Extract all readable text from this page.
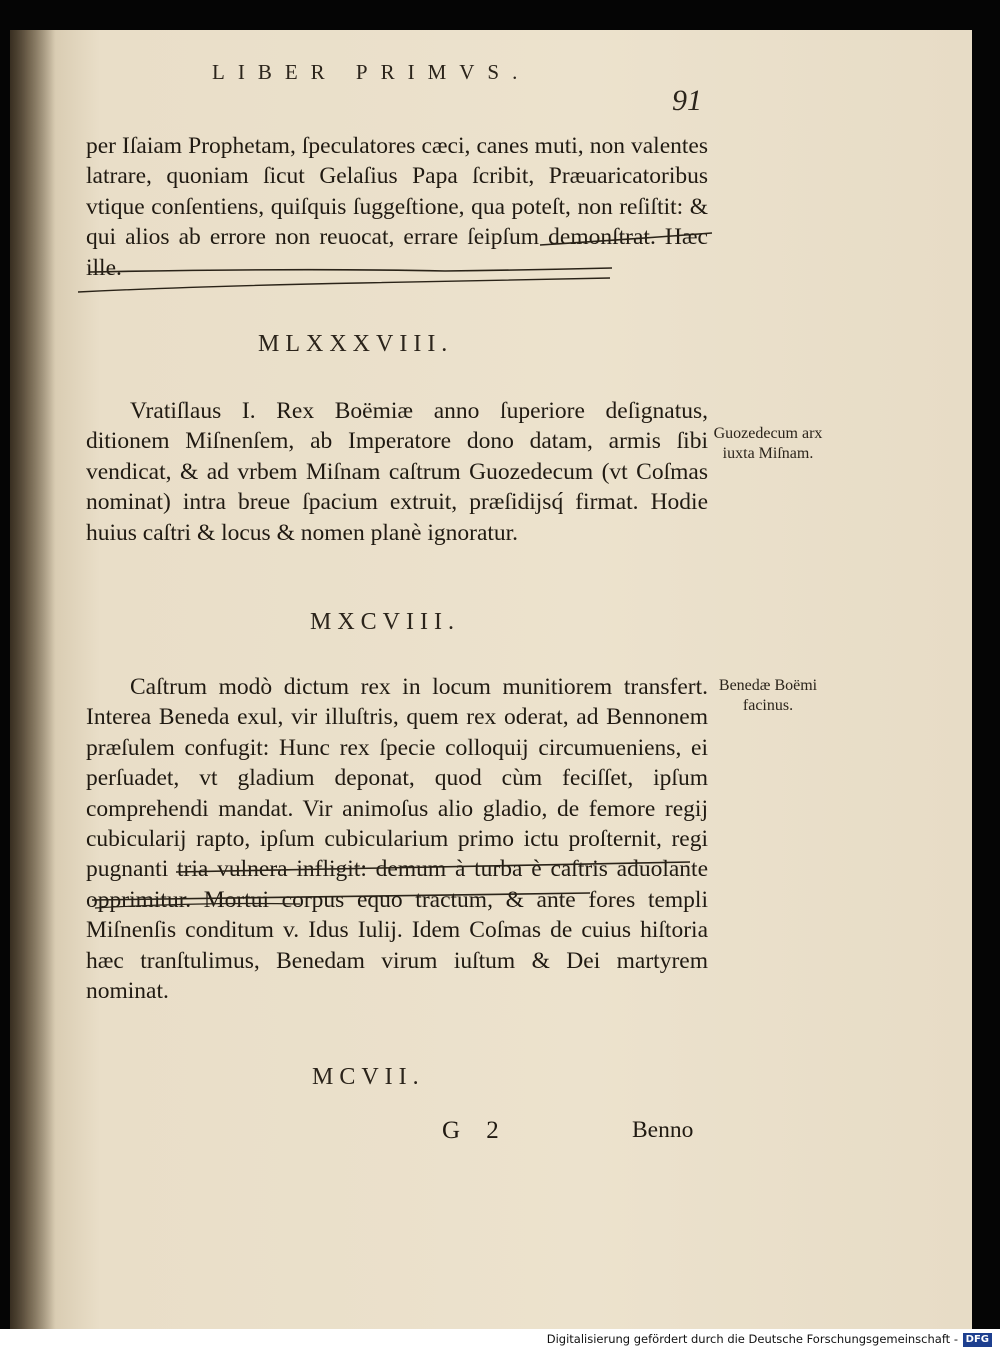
LIBER PRIMVS.
91

per Iſaiam Prophetam, ſpeculatores cæci, canes muti, non valentes latrare, quoniam ſicut Gelaſius Papa ſcribit, Præuaricatoribus vtique conſentiens, quiſquis ſuggeſtione, qua poteſt, non reſiſtit: & qui alios ab errore non reuocat, errare ſeipſum demonſtrat. Hæc ille.

MLXXXVIII.

Vratiſlaus I. Rex Boëmiæ anno ſuperiore deſignatus, ditionem Miſnenſem, ab Imperatore dono datam, armis ſibi vendicat, & ad vrbem Miſnam caſtrum Guozedecum (vt Coſmas nominat) intra breue ſpacium extruit, præſidijsq́ firmat. Hodie huius caſtri & locus & nomen planè ignoratur.

Guozedecum arx iuxta Miſnam.

MXCVIII.

Caſtrum modò dictum rex in locum munitiorem transfert. Interea Beneda exul, vir illuſtris, quem rex oderat, ad Bennonem præſulem confugit: Hunc rex ſpecie colloquij circumueniens, ei perſuadet, vt gladium deponat, quod cùm feciſſet, ipſum comprehendi mandat. Vir animoſus alio gladio, de femore regij cubicularij rapto, ipſum cubicularium primo ictu proſternit, regi pugnanti tria vulnera infligit: demum à turba è caſtris aduolante opprimitur. Mortui corpus equo tractum, & ante fores templi Miſnenſis conditum v. Idus Iulij. Idem Coſmas de cuius hiſtoria hæc tranſtulimus, Benedam virum iuſtum & Dei martyrem nominat.

Benedæ Boëmi facinus.

MCVII.
G 2	Benno
Digitalisierung gefördert durch die Deutsche Forschungsgemeinschaft - DFG
